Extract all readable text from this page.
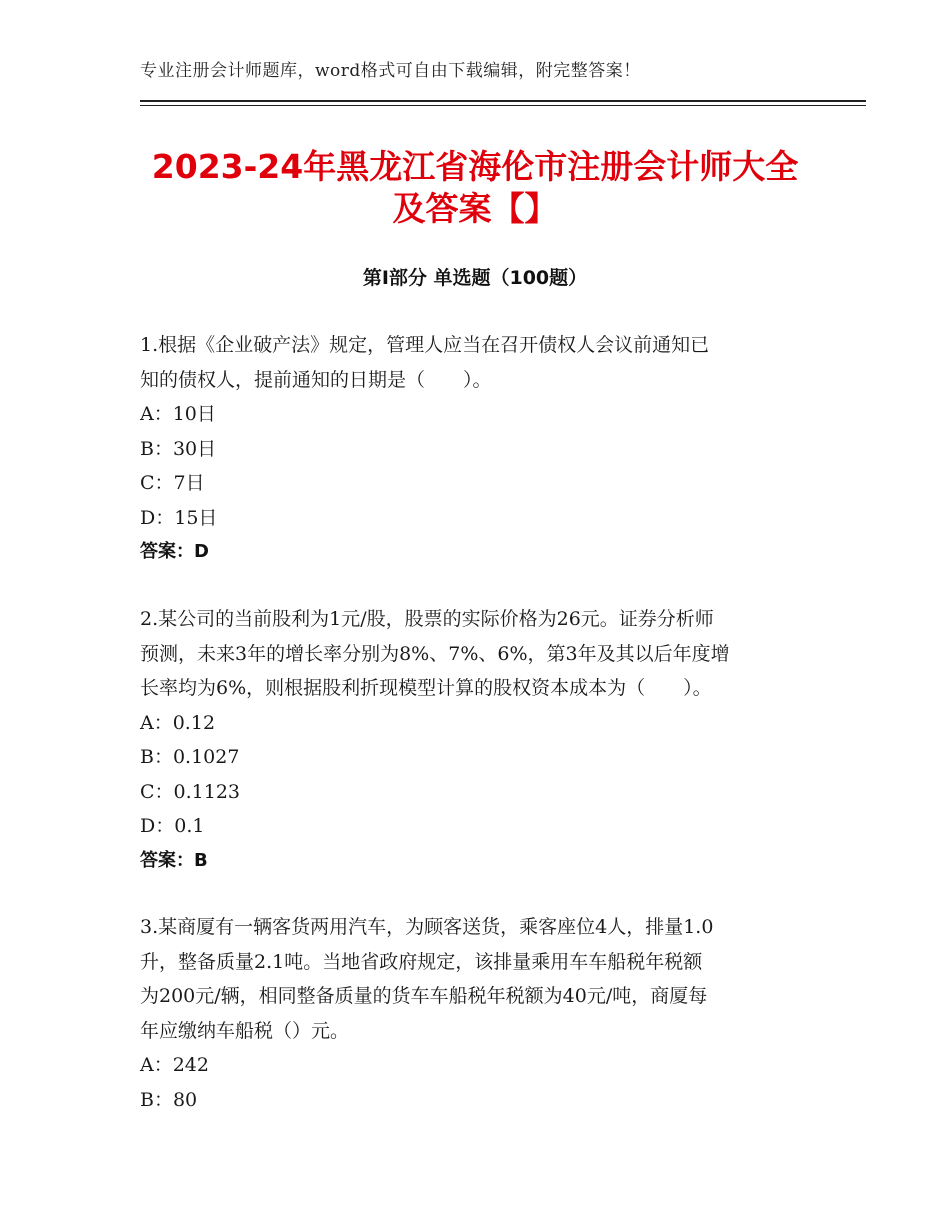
专业注册会计师题库，word格式可自由下载编辑，附完整答案！
2023-24年黑龙江省海伦市注册会计师大全
及答案【】
第Ⅰ部分 单选题（100题）

1.根据《企业破产法》规定，管理人应当在召开债权人会议前通知已

知的债权人，提前通知的日期是（　　）。

A：10日

B：30日

C：7日

D：15日

答案：D

2.某公司的当前股利为1元/股，股票的实际价格为26元。证券分析师

预测，未来3年的增长率分别为8%、7%、6%，第3年及其以后年度增

长率均为6%，则根据股利折现模型计算的股权资本成本为（　　）。

A：0.12

B：0.1027

C：0.1123

D：0.1

答案：B

3.某商厦有一辆客货两用汽车，为顾客送货，乘客座位4人，排量1.0

升，整备质量2.1吨。当地省政府规定，该排量乘用车车船税年税额

为200元/辆，相同整备质量的货车车船税年税额为40元/吨，商厦每

年应缴纳车船税（）元。

A：242

B：80
